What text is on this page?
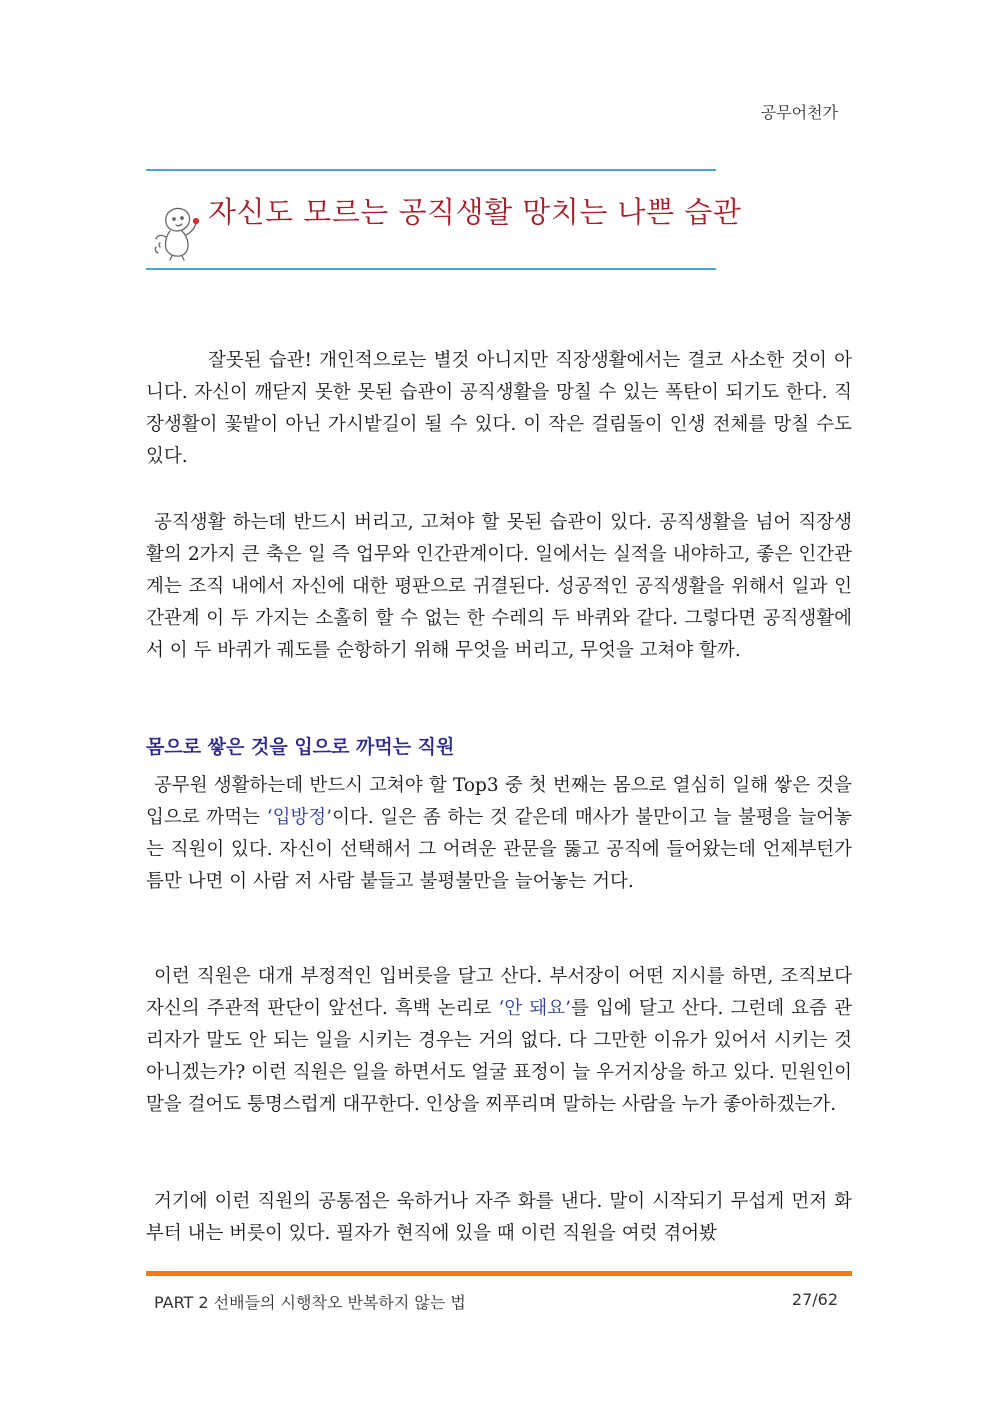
공무어천가
자신도 모르는 공직생활 망치는 나쁜 습관

잘못된 습관! 개인적으로는 별것 아니지만 직장생활에서는 결코 사소한 것이 아니다. 자신이 깨닫지 못한 못된 습관이 공직생활을 망칠 수 있는 폭탄이 되기도 한다. 직장생활이 꽃밭이 아닌 가시밭길이 될 수 있다. 이 작은 걸림돌이 인생 전체를 망칠 수도 있다.

공직생활 하는데 반드시 버리고, 고쳐야 할 못된 습관이 있다. 공직생활을 넘어 직장생활의 2가지 큰 축은 일 즉 업무와 인간관계이다. 일에서는 실적을 내야하고, 좋은 인간관계는 조직 내에서 자신에 대한 평판으로 귀결된다. 성공적인 공직생활을 위해서 일과 인간관계 이 두 가지는 소홀히 할 수 없는 한 수레의 두 바퀴와 같다. 그렇다면 공직생활에서 이 두 바퀴가 궤도를 순항하기 위해 무엇을 버리고, 무엇을 고쳐야 할까.

몸으로 쌓은 것을 입으로 까먹는 직원

공무원 생활하는데 반드시 고쳐야 할 Top3 중 첫 번째는 몸으로 열심히 일해 쌓은 것을 입으로 까먹는 ‘입방정’이다. 일은 좀 하는 것 같은데 매사가 불만이고 늘 불평을 늘어놓는 직원이 있다. 자신이 선택해서 그 어려운 관문을 뚫고 공직에 들어왔는데 언제부턴가 틈만 나면 이 사람 저 사람 붙들고 불평불만을 늘어놓는 거다.

이런 직원은 대개 부정적인 입버릇을 달고 산다. 부서장이 어떤 지시를 하면, 조직보다 자신의 주관적 판단이 앞선다. 흑백 논리로 ‘안 돼요’를 입에 달고 산다. 그런데 요즘 관리자가 말도 안 되는 일을 시키는 경우는 거의 없다. 다 그만한 이유가 있어서 시키는 것 아니겠는가? 이런 직원은 일을 하면서도 얼굴 표정이 늘 우거지상을 하고 있다. 민원인이 말을 걸어도 퉁명스럽게 대꾸한다. 인상을 찌푸리며 말하는 사람을 누가 좋아하겠는가.

거기에 이런 직원의 공통점은 욱하거나 자주 화를 낸다. 말이 시작되기 무섭게 먼저 화부터 내는 버릇이 있다. 필자가 현직에 있을 때 이런 직원을 여럿 겪어봤

PART 2 선배들의 시행착오 반복하지 않는 법	27/62
